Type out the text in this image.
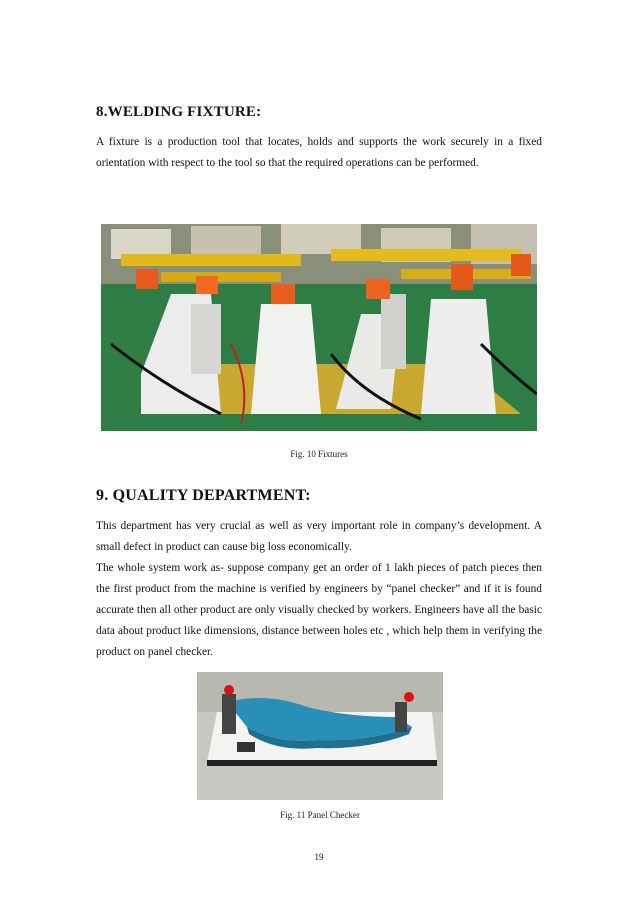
8.WELDING FIXTURE:

A fixture is a production tool that locates, holds and supports the work securely in a fixed orientation with respect to the tool so that the required operations can be performed.

Fig. 10 Fixtures

9. QUALITY DEPARTMENT:

This department has very crucial as well as very important role in company’s development. A small defect in product can cause big loss economically.

The whole system work as- suppose company get an order of 1 lakh pieces of patch pieces then the first product from the machine is verified by engineers by “panel checker” and if it is found accurate then all other product are only visually checked by workers. Engineers have all the basic data about product like dimensions, distance between holes etc , which help them in verifying the product on panel checker.

Fig. 11 Panel Checker

19
